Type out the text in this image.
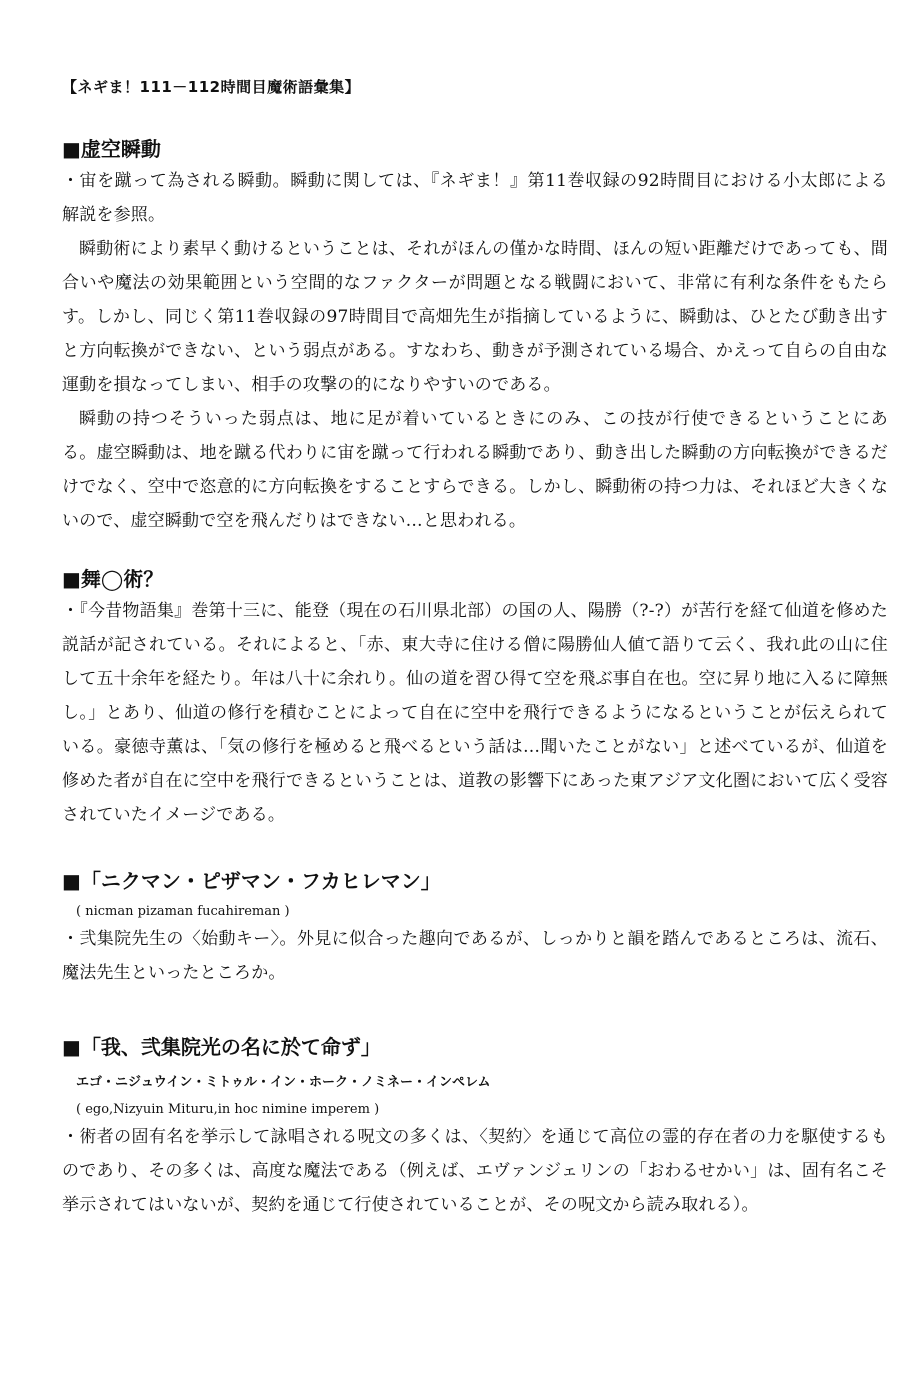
【ネギま！111－112時間目魔術語彙集】
■虚空瞬動

・宙を蹴って為される瞬動。瞬動に関しては、『ネギま！』第11巻収録の92時間目における小太郎による解説を参照。

瞬動術により素早く動けるということは、それがほんの僅かな時間、ほんの短い距離だけであっても、間合いや魔法の効果範囲という空間的なファクターが問題となる戦闘において、非常に有利な条件をもたらす。しかし、同じく第11巻収録の97時間目で高畑先生が指摘しているように、瞬動は、ひとたび動き出すと方向転換ができない、という弱点がある。すなわち、動きが予測されている場合、かえって自らの自由な運動を損なってしまい、相手の攻撃の的になりやすいのである。

瞬動の持つそういった弱点は、地に足が着いているときにのみ、この技が行使できるということにある。虚空瞬動は、地を蹴る代わりに宙を蹴って行われる瞬動であり、動き出した瞬動の方向転換ができるだけでなく、空中で恣意的に方向転換をすることすらできる。しかし、瞬動術の持つ力は、それほど大きくないので、虚空瞬動で空を飛んだりはできない…と思われる。

■舞◯術？

・『今昔物語集』巻第十三に、能登（現在の石川県北部）の国の人、陽勝（?‐?）が苦行を経て仙道を修めた説話が記されている。それによると、「赤、東大寺に住ける僧に陽勝仙人値て語りて云く、我れ此の山に住して五十余年を経たり。年は八十に余れり。仙の道を習ひ得て空を飛ぶ事自在也。空に昇り地に入るに障無し。」とあり、仙道の修行を積むことによって自在に空中を飛行できるようになるということが伝えられている。豪徳寺薫は、「気の修行を極めると飛べるという話は…聞いたことがない」と述べているが、仙道を修めた者が自在に空中を飛行できるということは、道教の影響下にあった東アジア文化圏において広く受容されていたイメージである。

■「ニクマン・ピザマン・フカヒレマン」
( nicman pizaman fucahireman )

・弐集院先生の〈始動キー〉。外見に似合った趣向であるが、しっかりと韻を踏んであるところは、流石、魔法先生といったところか。

■「我、弐集院光の名に於て命ず」
エゴ・ニジュウイン・ミトゥル・イン・ホーク・ノミネー・インペレム
( ego,Nizyuin Mituru,in hoc nimine imperem )

・術者の固有名を挙示して詠唱される呪文の多くは、〈契約〉を通じて高位の霊的存在者の力を駆使するものであり、その多くは、高度な魔法である（例えば、エヴァンジェリンの「おわるせかい」は、固有名こそ挙示されてはいないが、契約を通じて行使されていることが、その呪文から読み取れる）。
